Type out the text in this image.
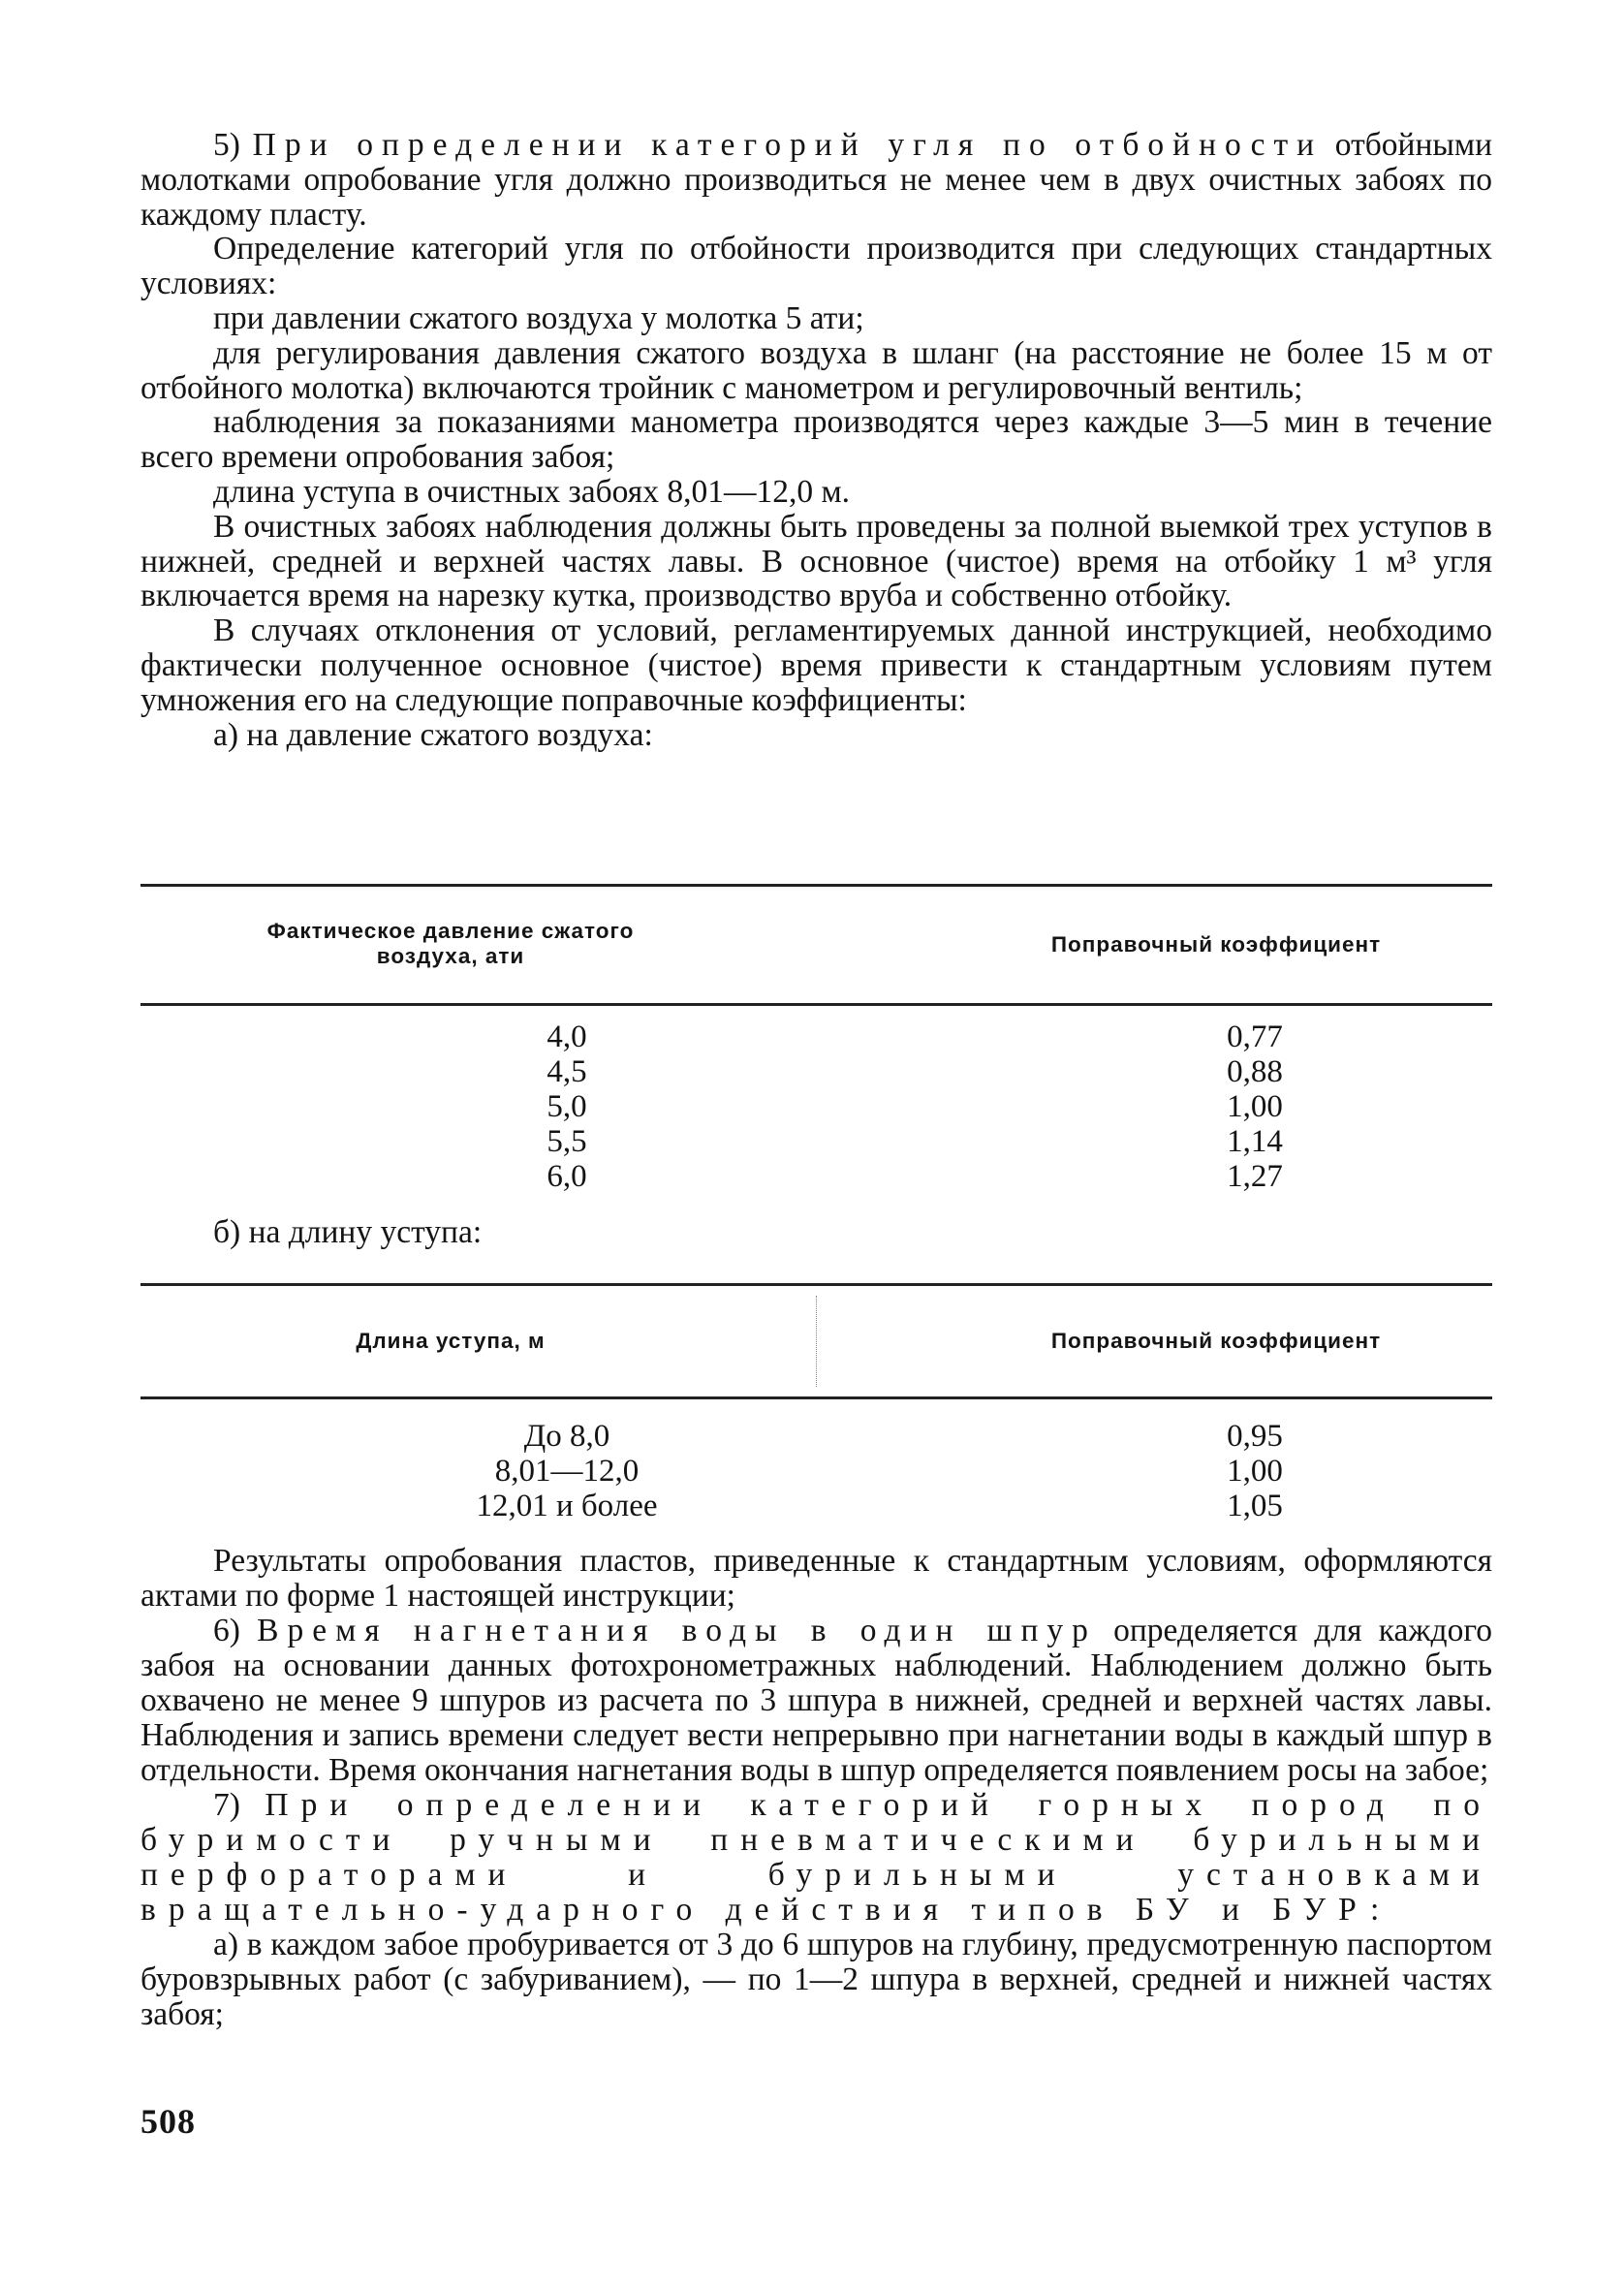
5) При определении категорий угля по отбойности отбойными молотками опробование угля должно производиться не менее чем в двух очистных забоях по каждому пласту.

Определение категорий угля по отбойности производится при следующих стандартных условиях:

при давлении сжатого воздуха у молотка 5 ати;

для регулирования давления сжатого воздуха в шланг (на расстояние не более 15 м от отбойного молотка) включаются тройник с манометром и регулировочный вентиль;

наблюдения за показаниями манометра производятся через каждые 3—5 мин в течение всего времени опробования забоя;

длина уступа в очистных забоях 8,01—12,0 м.

В очистных забоях наблюдения должны быть проведены за полной выемкой трех уступов в нижней, средней и верхней частях лавы. В основное (чистое) время на отбойку 1 м³ угля включается время на нарезку кутка, производство вруба и собственно отбойку.

В случаях отклонения от условий, регламентируемых данной инструкцией, необходимо фактически полученное основное (чистое) время привести к стандартным условиям путем умножения его на следующие поправочные коэффициенты:

а) на давление сжатого воздуха:

Фактическое давление сжатого воздуха, ати	Поправочный коэффициент
4,0	0,77
4,5	0,88
5,0	1,00
5,5	1,14
6,0	1,27
б) на длину уступа:
Длина уступа, м	Поправочный коэффициент
До 8,0	0,95
8,01—12,0	1,00
12,01 и более	1,05

Результаты опробования пластов, приведенные к стандартным условиям, оформляются актами по форме 1 настоящей инструкции;

6) Время нагнетания воды в один шпур определяется для каждого забоя на основании данных фотохронометражных наблюдений. Наблюдением должно быть охвачено не менее 9 шпуров из расчета по 3 шпура в нижней, средней и верхней частях лавы. Наблюдения и запись времени следует вести непрерывно при нагнетании воды в каждый шпур в отдельности. Время окончания нагнетания воды в шпур определяется появлением росы на забое;

7) При определении категорий горных пород по буримости ручными пневматическими бурильными перфораторами и бурильными установками вращательно-ударного действия типов БУ и БУР:

а) в каждом забое пробуривается от 3 до 6 шпуров на глубину, предусмотренную паспортом буровзрывных работ (с забуриванием), — по 1—2 шпура в верхней, средней и нижней частях забоя;

508
